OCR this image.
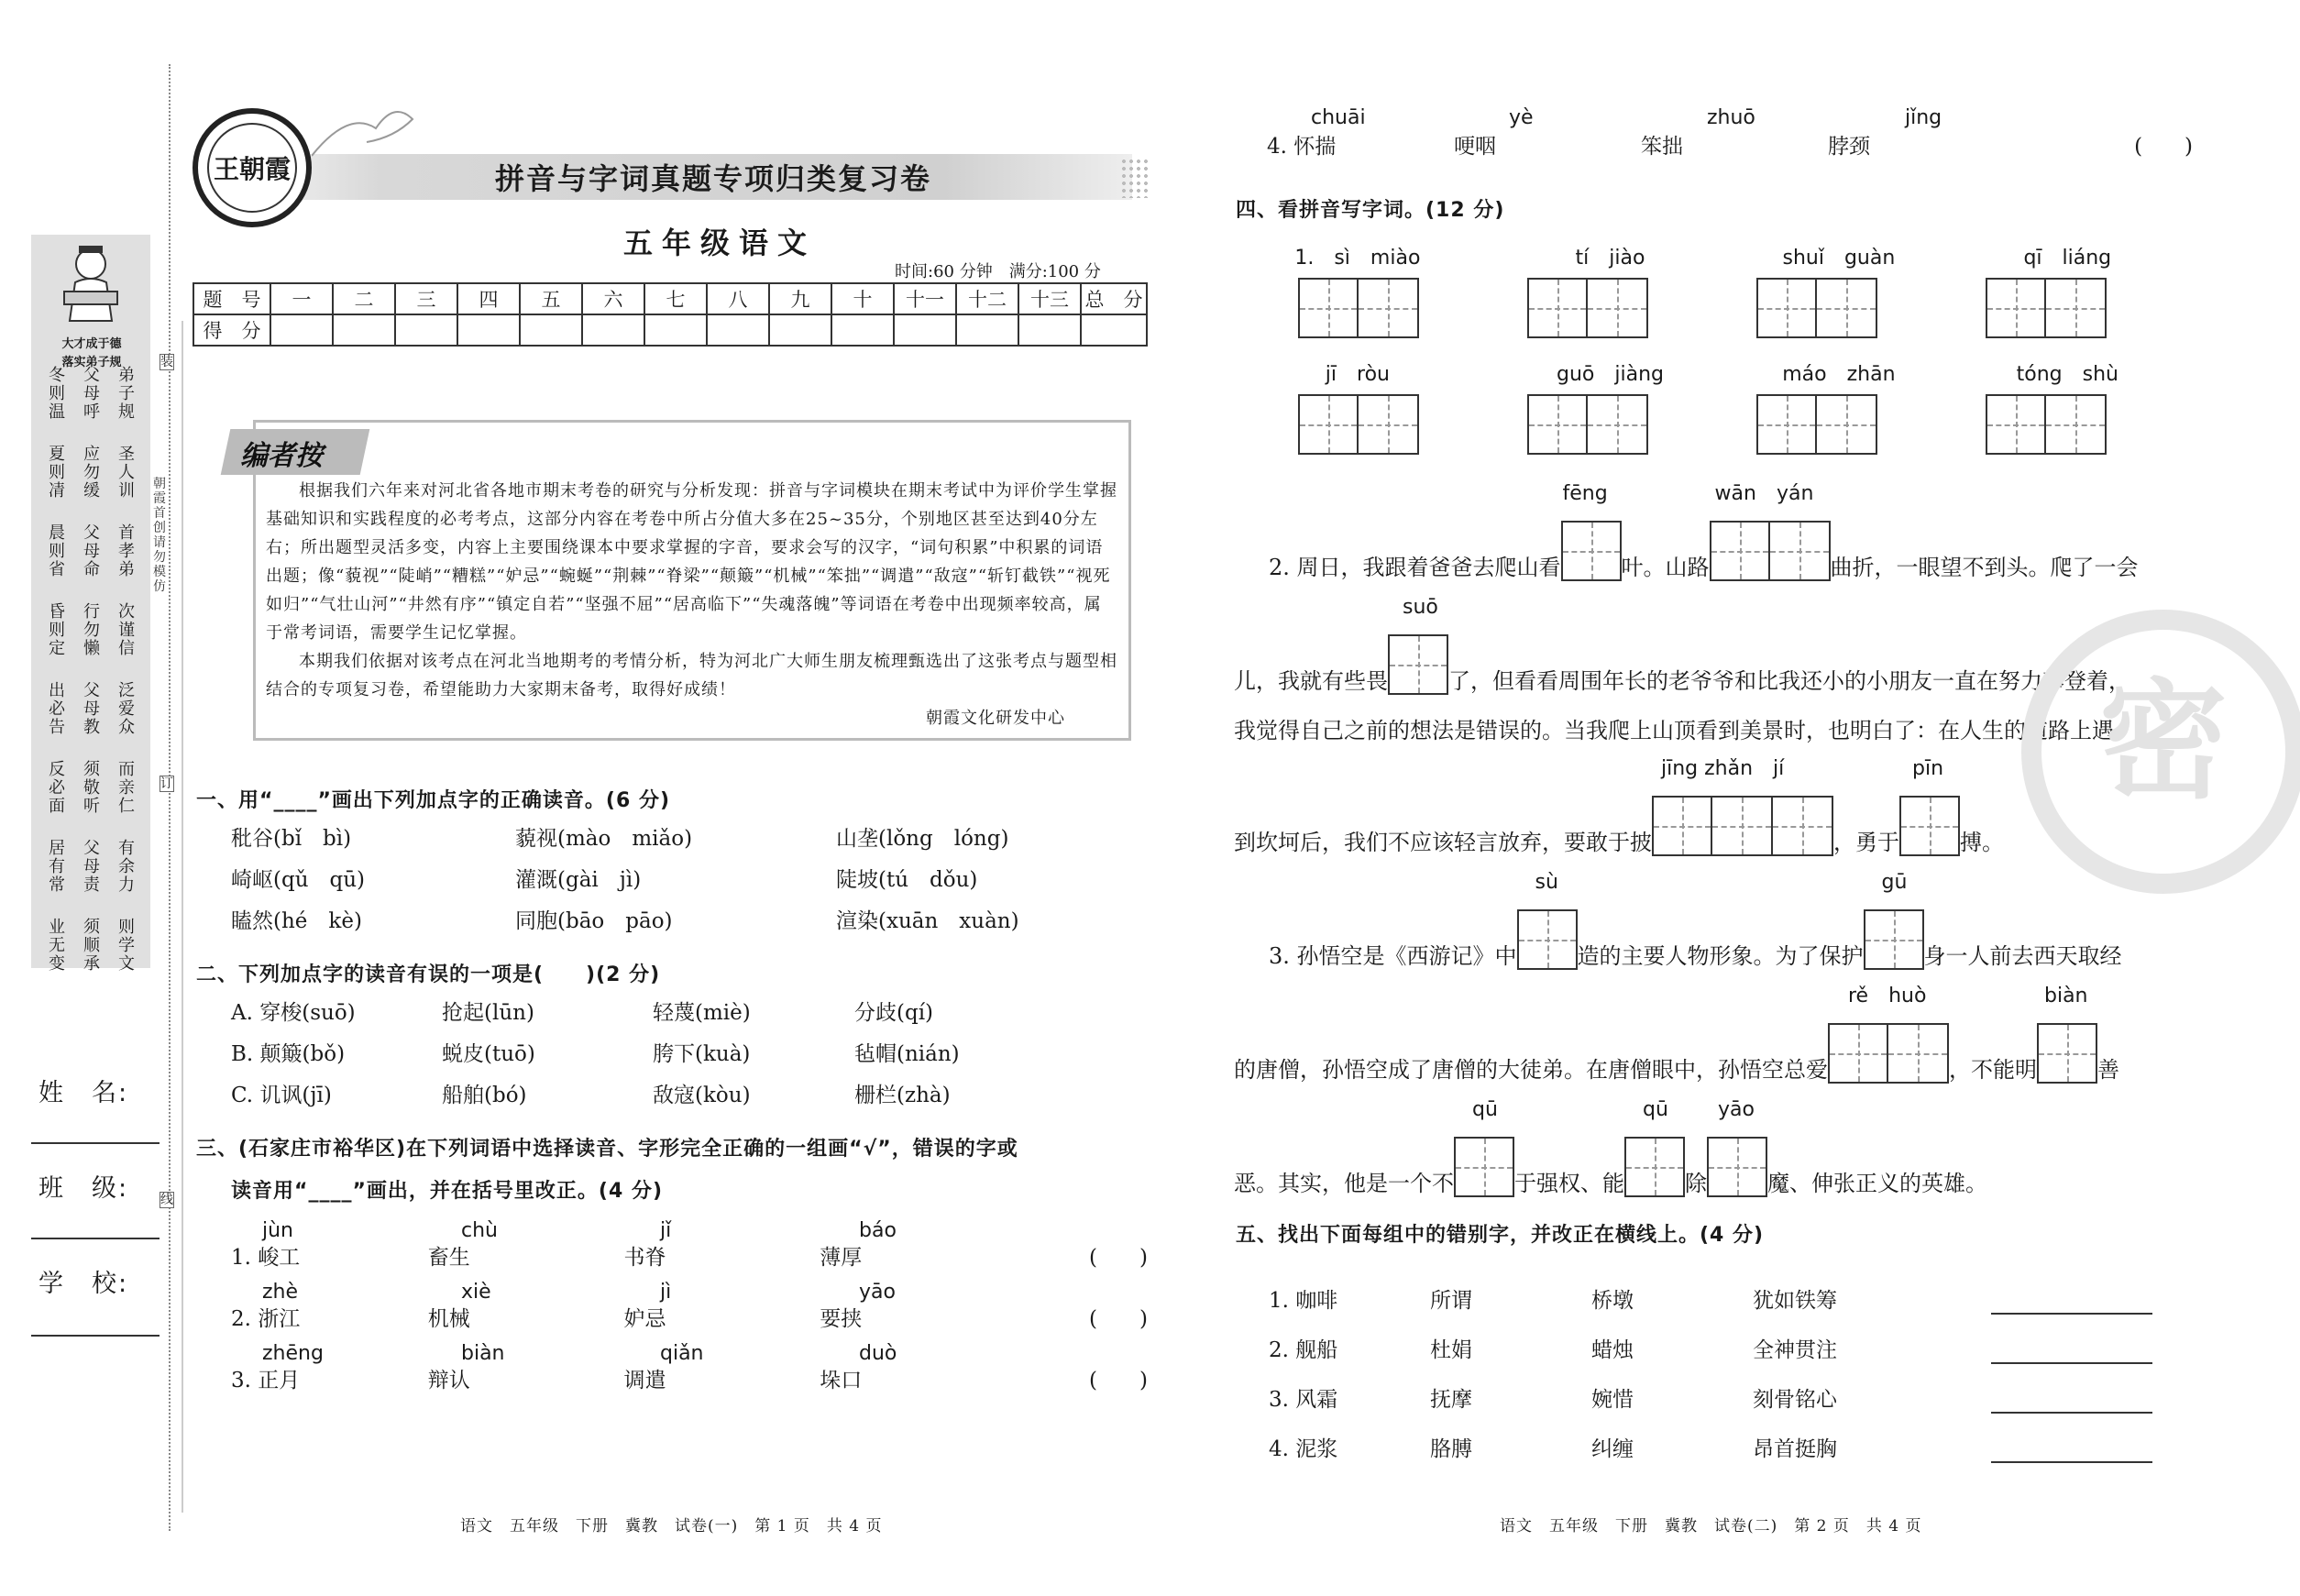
大才成于德
落实弟子规
冬则温
父母呼
弟子规
夏则凊
应勿缓
圣人训
晨则省
父母命
首孝弟
昏则定
行勿懒
次谨信
出必告
父母教
泛爱众
反必面
须敬听
而亲仁
居有常
父母责
有余力
业无变
须顺承
则学文
姓　名:
班　级:
学　校:
装
订
线
朝霞首创　请勿模仿
王朝霞	拼音与字词真题专项归类复习卷
五年级语文
时间:60 分钟　满分:100 分
题　号	一	二	三	四	五	六	七	八	九	十	十一	十二	十三	总　分
得　分														
编者按
根据我们六年来对河北省各地市期末考卷的研究与分析发现：拼音与字词模块在期末考试中为评价学生掌握基础知识和实践程度的必考考点，这部分内容在考卷中所占分值大多在25~35分，个别地区甚至达到40分左右；所出题型灵活多变，内容上主要围绕课本中要求掌握的字音，要求会写的汉字，“词句积累”中积累的词语出题；像“藐视”“陡峭”“糟糕”“妒忌”“蜿蜒”“荆棘”“脊梁”“颠簸”“机械”“笨拙”“调遣”“敌寇”“斩钉截铁”“视死如归”“气壮山河”“井然有序”“镇定自若”“坚强不屈”“居高临下”“失魂落魄”等词语在考卷中出现频率较高，属于常考词语，需要学生记忆掌握。
本期我们依据对该考点在河北当地期考的考情分析，特为河北广大师生朋友梳理甄选出了这张考点与题型相结合的专项复习卷，希望能助力大家期末备考，取得好成绩！
朝霞文化研发中心
一、用“____”画出下列加点字的正确读音。(6 分)
秕谷(bǐ　bì)	藐视(mào　miǎo)	山垄(lǒng　lóng)
崎岖(qǔ　qū)	灌溉(gài　jì)	陡坡(tú　dǒu)
瞌然(hé　kè)	同胞(bāo　pāo)	渲染(xuān　xuàn)
二、下列加点字的读音有误的一项是(　　)(2 分)
A. 穿梭(suō)	抢起(lūn)	轻蔑(miè)	分歧(qí)
B. 颠簸(bǒ)	蜕皮(tuō)	胯下(kuà)	毡帽(nián)
C. 讥讽(jī)	船舶(bó)	敌寇(kòu)	栅栏(zhà)
三、(石家庄市裕华区)在下列词语中选择读音、字形完全正确的一组画“√”，错误的字或
读音用“____”画出，并在括号里改正。(4 分)
jùn	chù	jǐ	báo
1. 峻工	畜生	书脊	薄厚	(　　)
zhè	xiè	jì	yāo
2. 浙江	机械	妒忌	要挟	(　　)
zhēng	biàn	qiǎn	duò
3. 正月	辩认	调遣	垛口	(　　)
语文　五年级　下册　冀教　试卷(一)　第 1 页　共 4 页
chuāi	yè	zhuō	jǐng
4. 怀揣	哽咽	笨拙	脖颈	(　　)
四、看拼音写字词。(12 分)
1.　sì　miào	tí　jiào	shuǐ　guàn	qī　liáng
jī　ròu	guō　jiàng	máo　zhān	tóng　shù
2. 周日，我跟着爸爸去爬山看
fēng
叶。山路
wān　yán
曲折，一眼望不到头。爬了一会
儿，我就有些畏
suō
了，但看看周围年长的老爷爷和比我还小的小朋友一直在努力攀登着，
我觉得自己之前的想法是错误的。当我爬上山顶看到美景时，也明白了：在人生的道路上遇
到坎坷后，我们不应该轻言放弃，要敢于披
jīng zhǎn　jí
，勇于
pīn
搏。
3. 孙悟空是《西游记》中
sù
造的主要人物形象。为了保护
gū
身一人前去西天取经
的唐僧，孙悟空成了唐僧的大徒弟。在唐僧眼中，孙悟空总爱
rě　huò
，不能明
biàn
善
恶。其实，他是一个不
qū
于强权、能
qū
除
yāo
魔、伸张正义的英雄。
五、找出下面每组中的错别字，并改正在横线上。(4 分)
1. 咖啡	所谓	桥墩	犹如铁筹
2. 舰船	杜娟	蜡烛	全神贯注
3. 风霜	抚摩	婉惜	刻骨铭心
4. 泥浆	胳膊	纠缠	昂首挺胸
语文　五年级　下册　冀教　试卷(二)　第 2 页　共 4 页
密
